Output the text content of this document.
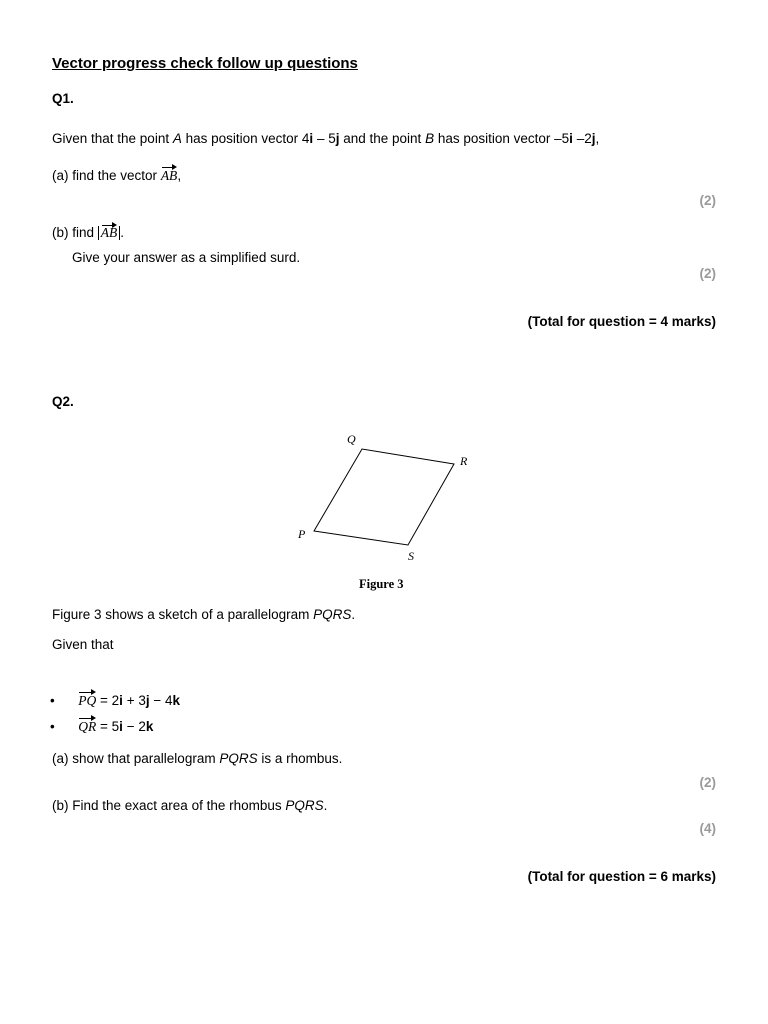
Vector progress check follow up questions
Q1.
Given that the point A has position vector 4i – 5j and the point B has position vector –5i –2j,
(a) find the vector AB,
(2)
(b) find AB .
Give your answer as a simplified surd.
(2)
(Total for question = 4 marks)
Q2.
P
Q
R
S
Figure 3
Figure 3 shows a sketch of a parallelogram PQRS.
Given that
• PQ = 2i + 3j − 4k
• QR = 5i − 2k
(a) show that parallelogram PQRS is a rhombus.
(2)
(b) Find the exact area of the rhombus PQRS.
(4)
(Total for question = 6 marks)
